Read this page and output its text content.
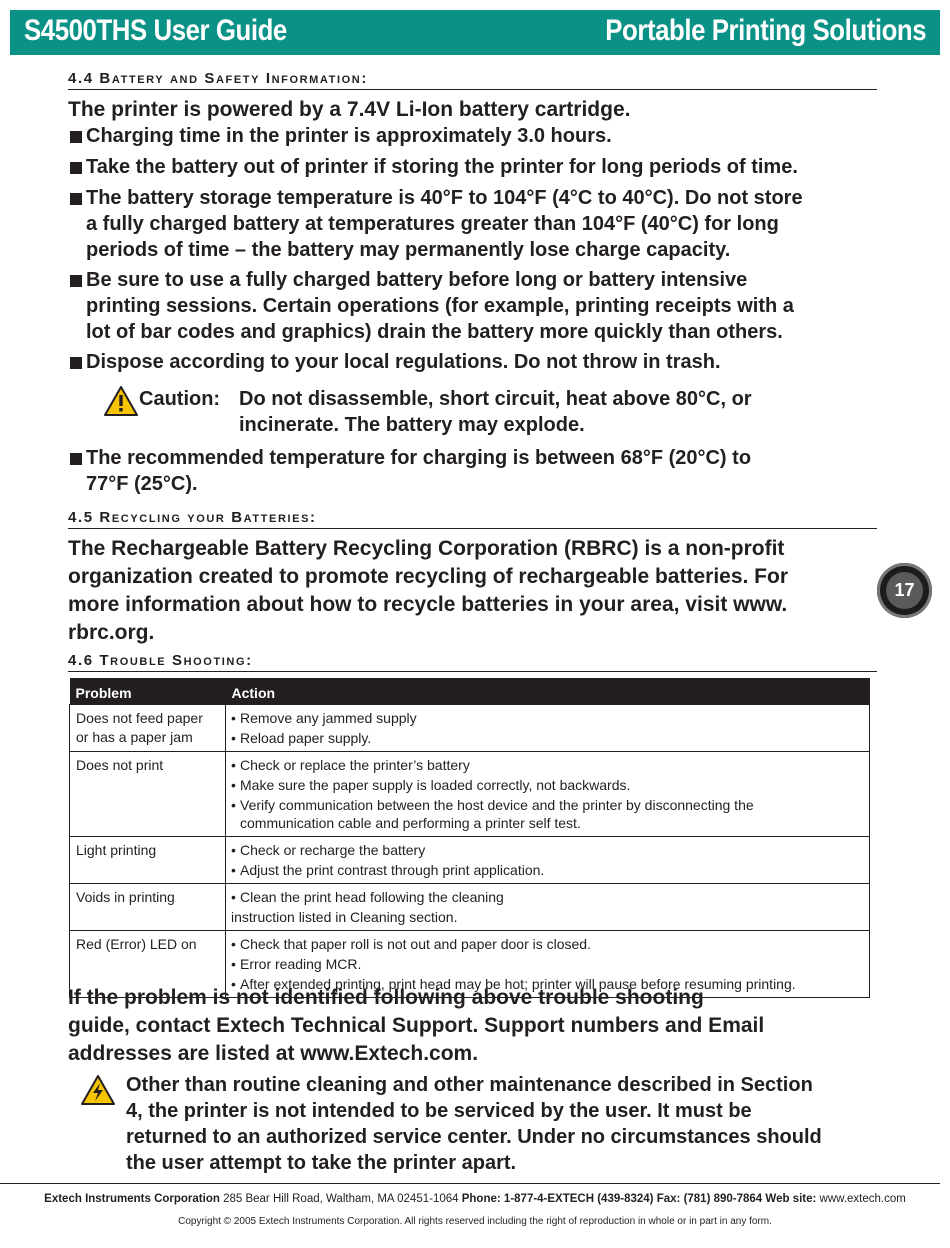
S4500THS User Guide	Portable Printing Solutions
4.4 Battery and Safety Information:
The printer is powered by a 7.4V Li-Ion battery cartridge.
Charging time in the printer is approximately 3.0 hours.
Take the battery out of printer if storing the printer for long periods of time.
The battery storage temperature is 40°F to 104°F (4°C to 40°C). Do not store
a fully charged battery at temperatures greater than 104°F (40°C) for long
periods of time – the battery may permanently lose charge capacity.
Be sure to use a fully charged battery before long or battery intensive
printing sessions. Certain operations (for example, printing receipts with a
lot of bar codes and graphics) drain the battery more quickly than others.
Dispose according to your local regulations. Do not throw in trash.
Caution: Do not disassemble, short circuit, heat above 80°C, or
incinerate. The battery may explode.
The recommended temperature for charging is between 68°F (20°C) to
77°F (25°C).
4.5 Recycling your Batteries:
The Rechargeable Battery Recycling Corporation (RBRC) is a non-profit
organization created to promote recycling of rechargeable batteries. For
more information about how to recycle batteries in your area, visit www.
rbrc.org.
17
4.6 Trouble Shooting:
Problem	Action
Does not feed paper
or has a paper jam	• Remove any jammed supply
• Reload paper supply.

Does not print	• Check or replace the printer’s battery
• Make sure the paper supply is loaded correctly, not backwards.
• Verify communication between the host device and the printer by disconnecting the
communication cable and performing a printer self test.

Light printing	• Check or recharge the battery
• Adjust the print contrast through print application.

Voids in printing	• Clean the print head following the cleaning
instruction listed in Cleaning section.

Red (Error) LED on	• Check that paper roll is not out and paper door is closed.
• Error reading MCR.
• After extended printing, print head may be hot; printer will pause before resuming printing.
If the problem is not identified following above trouble shooting
guide, contact Extech Technical Support. Support numbers and Email
addresses are listed at www.Extech.com.
Other than routine cleaning and other maintenance described in Section
4, the printer is not intended to be serviced by the user. It must be
returned to an authorized service center. Under no circumstances should
the user attempt to take the printer apart.
Extech Instruments Corporation 285 Bear Hill Road, Waltham, MA 02451-1064 Phone: 1-877-4-EXTECH (439-8324) Fax: (781) 890-7864 Web site: www.extech.com
Copyright © 2005 Extech Instruments Corporation. All rights reserved including the right of reproduction in whole or in part in any form.
